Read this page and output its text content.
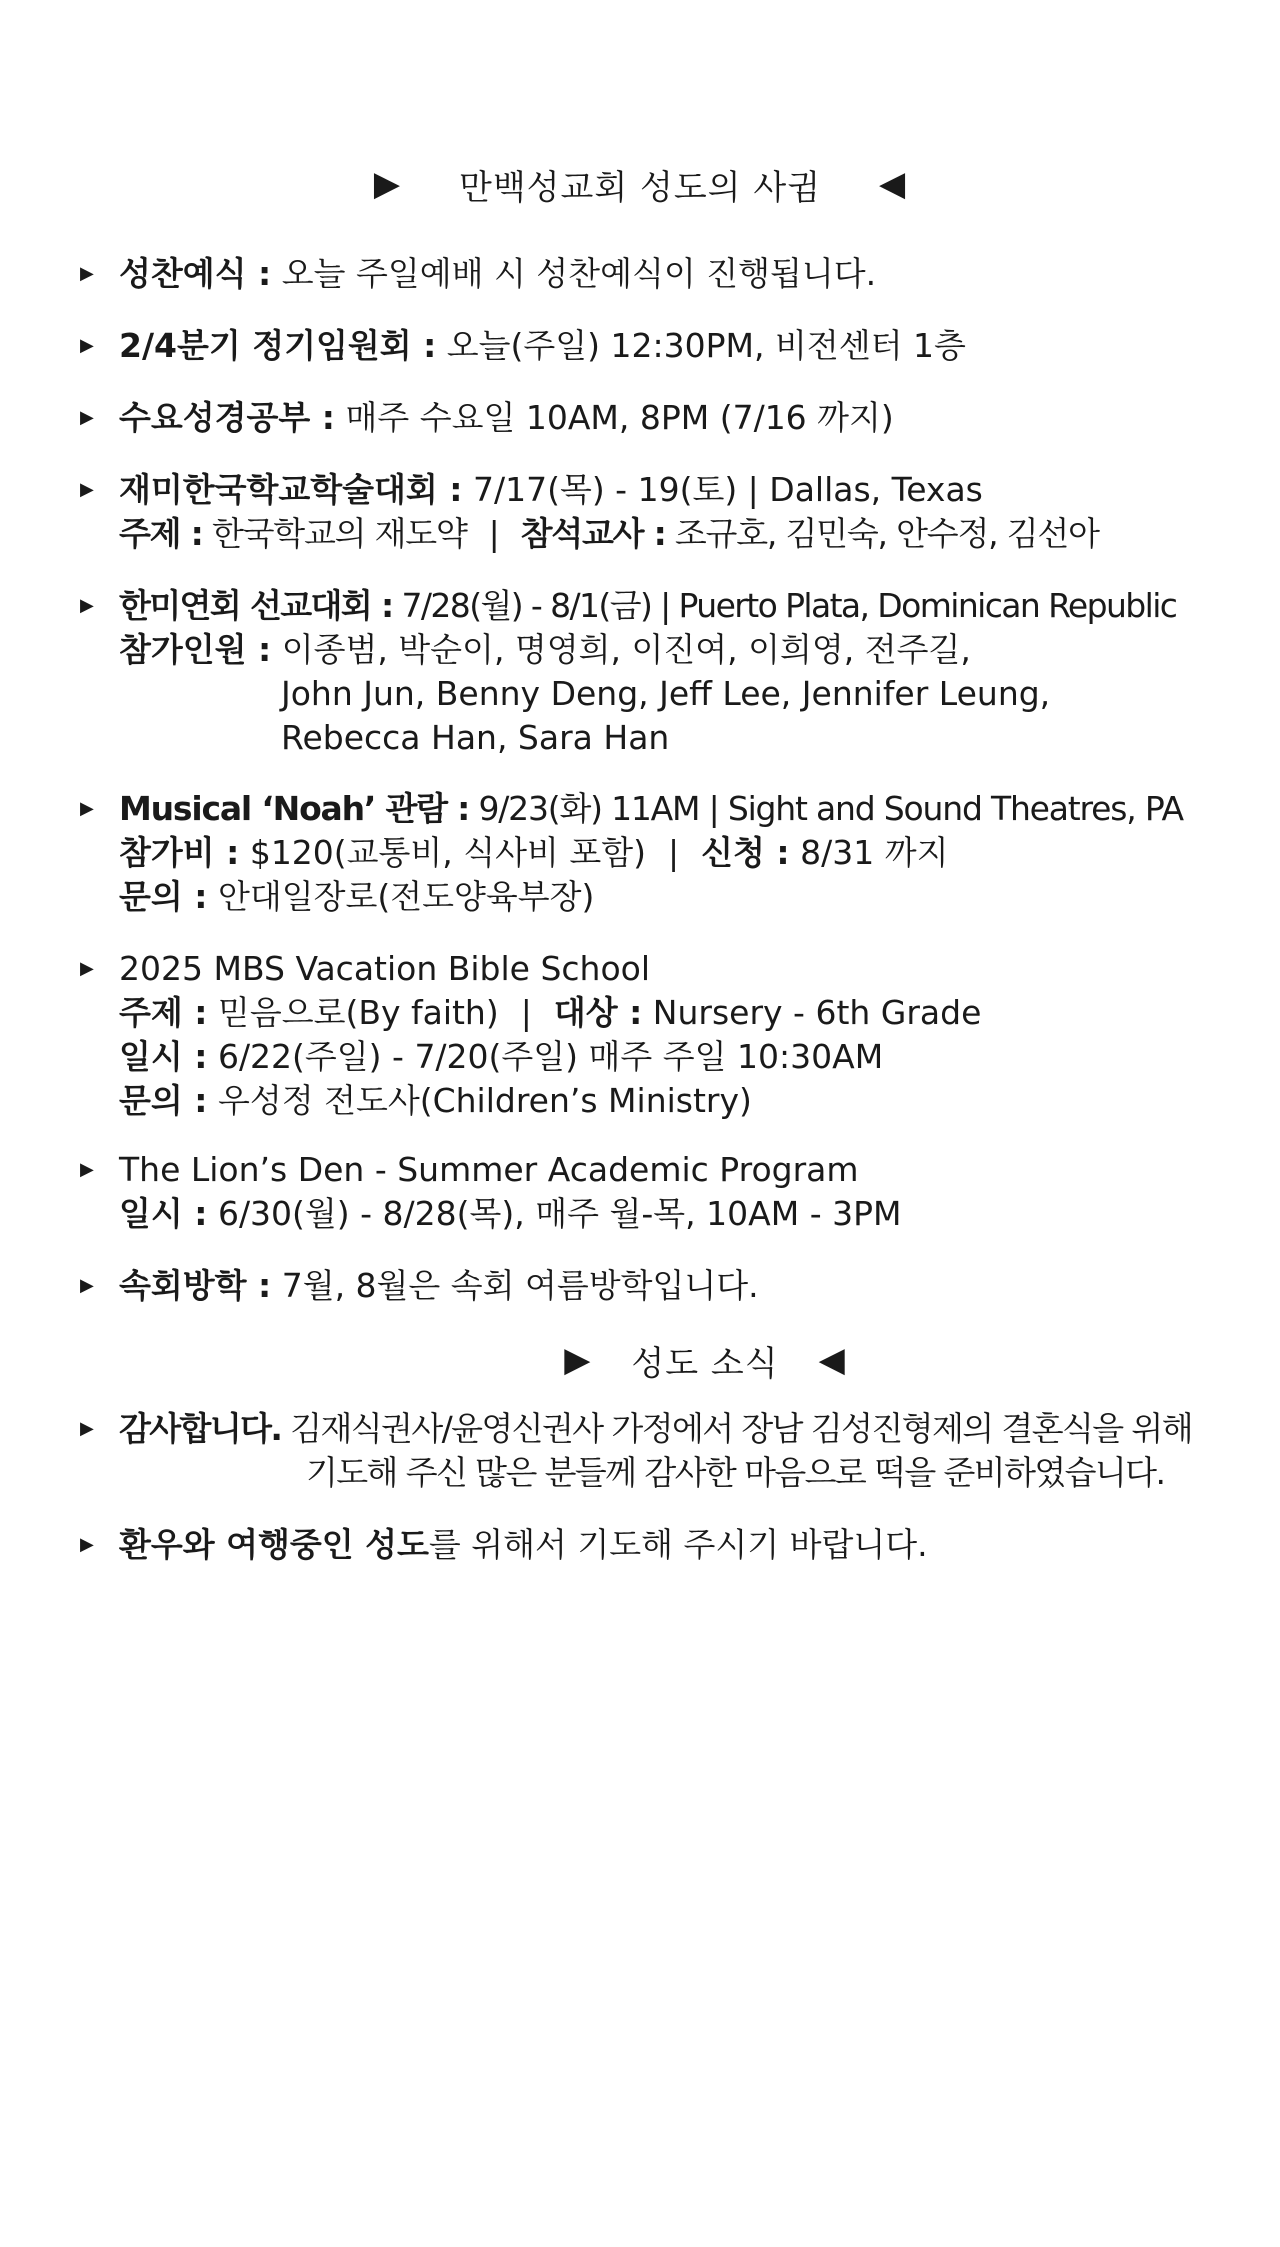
▶ 만백성교회 성도의 사귐 ◀
▶ 성찬예식 : 오늘 주일예배 시 성찬예식이 진행됩니다.
▶ 2/4분기 정기임원회 : 오늘(주일) 12:30PM, 비전센터 1층
▶ 수요성경공부 : 매주 수요일 10AM, 8PM (7/16 까지)
▶ 재미한국학교학술대회 : 7/17(목) - 19(토) | Dallas, Texas
주제 : 한국학교의 재도약 | 참석교사 : 조규호, 김민숙, 안수정, 김선아
▶ 한미연회 선교대회 : 7/28(월) - 8/1(금) | Puerto Plata, Dominican Republic
참가인원 : 이종범, 박순이, 명영희, 이진여, 이희영, 전주길,
John Jun, Benny Deng, Jeff Lee, Jennifer Leung,
Rebecca Han, Sara Han
▶ Musical ‘Noah’ 관람 : 9/23(화) 11AM | Sight and Sound Theatres, PA
참가비 : $120(교통비, 식사비 포함) | 신청 : 8/31 까지
문의 : 안대일장로(전도양육부장)
▶ 2025 MBS Vacation Bible School
주제 : 믿음으로(By faith) | 대상 : Nursery - 6th Grade
일시 : 6/22(주일) - 7/20(주일) 매주 주일 10:30AM
문의 : 우성정 전도사(Children’s Ministry)
▶ The Lion’s Den - Summer Academic Program
일시 : 6/30(월) - 8/28(목), 매주 월-목, 10AM - 3PM
▶ 속회방학 : 7월, 8월은 속회 여름방학입니다.
▶ 성도 소식 ◀
▶ 감사합니다. 김재식권사/윤영신권사 가정에서 장남 김성진형제의 결혼식을 위해
기도해 주신 많은 분들께 감사한 마음으로 떡을 준비하였습니다.
▶ 환우와 여행중인 성도를 위해서 기도해 주시기 바랍니다.
